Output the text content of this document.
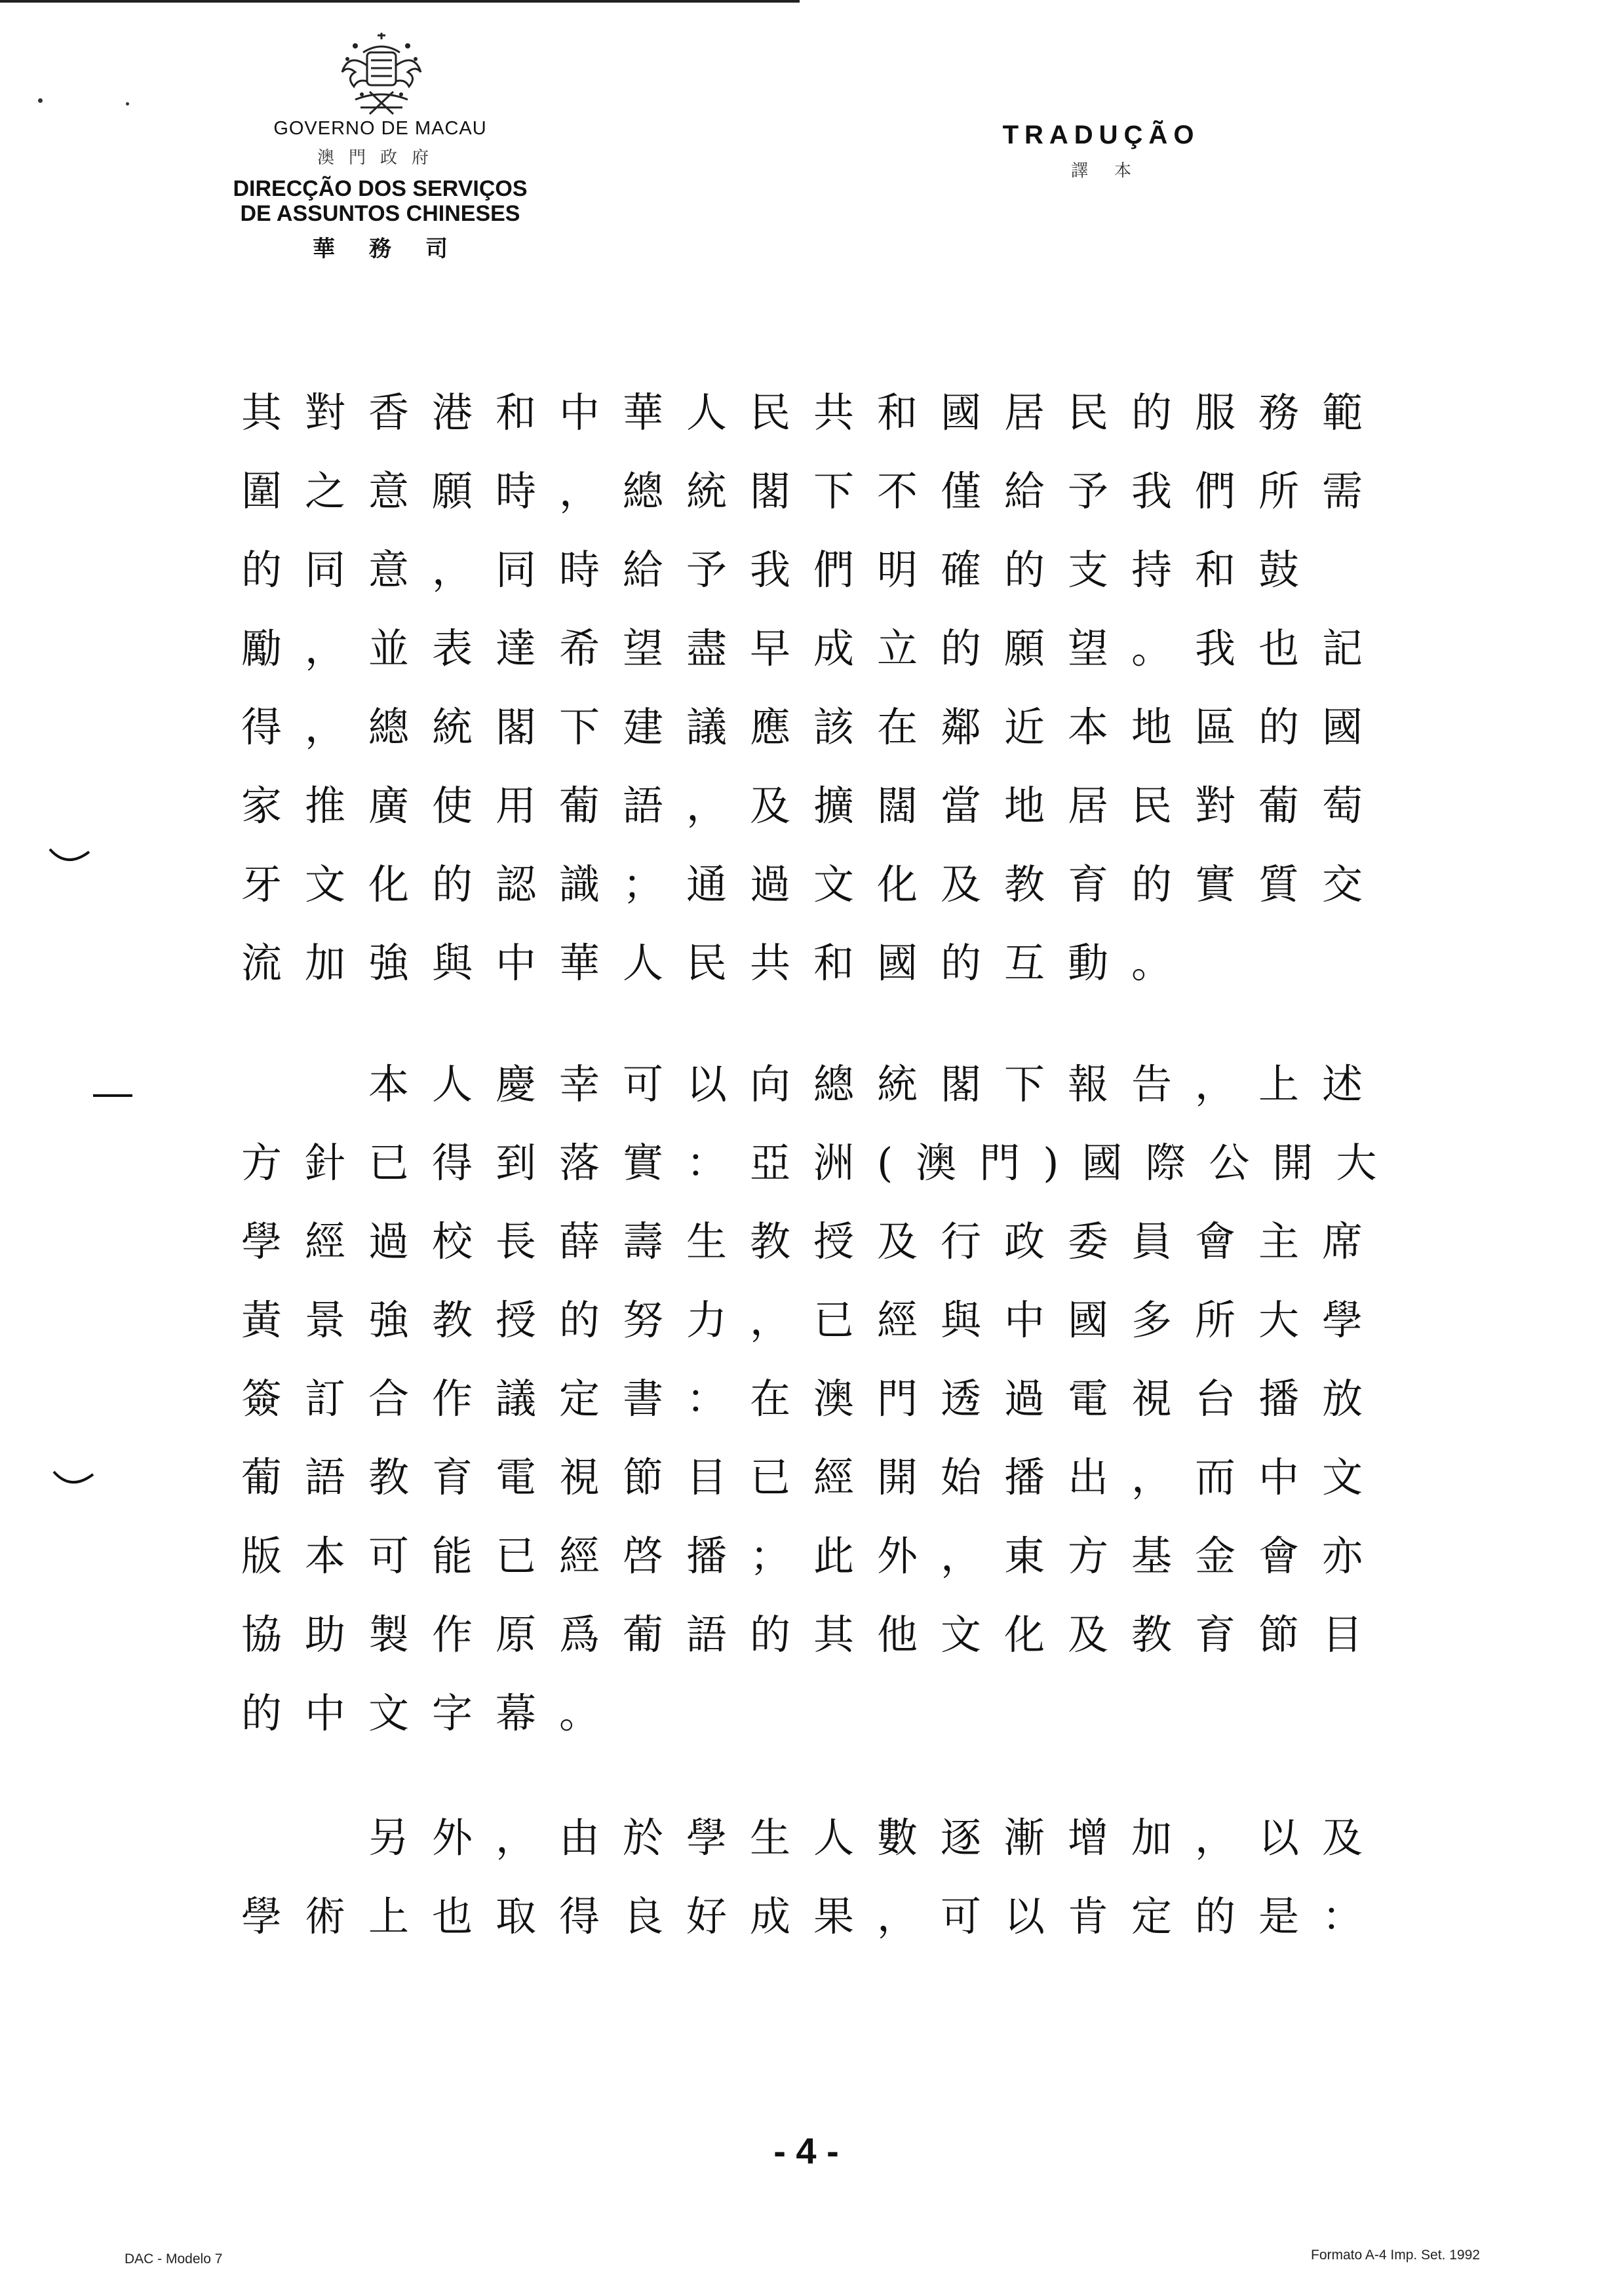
GOVERNO DE MACAU
澳門政府
DIRECÇÃO DOS SERVIÇOS
DE ASSUNTOS CHINESES
華務司
TRADUÇÃO
譯本
其對香港和中華人民共和國居民的服務範
圍之意願時，總統閣下不僅給予我們所需
的同意，同時給予我們明確的支持和鼓
勵，並表達希望盡早成立的願望。我也記
得，總統閣下建議應該在鄰近本地區的國
家推廣使用葡語，及擴闊當地居民對葡萄
牙文化的認識；通過文化及教育的實質交
流加強與中華人民共和國的互動。
　　本人慶幸可以向總統閣下報告，上述
方針已得到落實：亞洲(澳門)國際公開大
學經過校長薛壽生教授及行政委員會主席
黃景強教授的努力，已經與中國多所大學
簽訂合作議定書：在澳門透過電視台播放
葡語教育電視節目已經開始播出，而中文
版本可能已經啓播；此外，東方基金會亦
協助製作原爲葡語的其他文化及教育節目
的中文字幕。
　　另外，由於學生人數逐漸增加，以及
學術上也取得良好成果，可以肯定的是：
- 4 -
DAC - Modelo 7	Formato A-4 Imp. Set. 1992
